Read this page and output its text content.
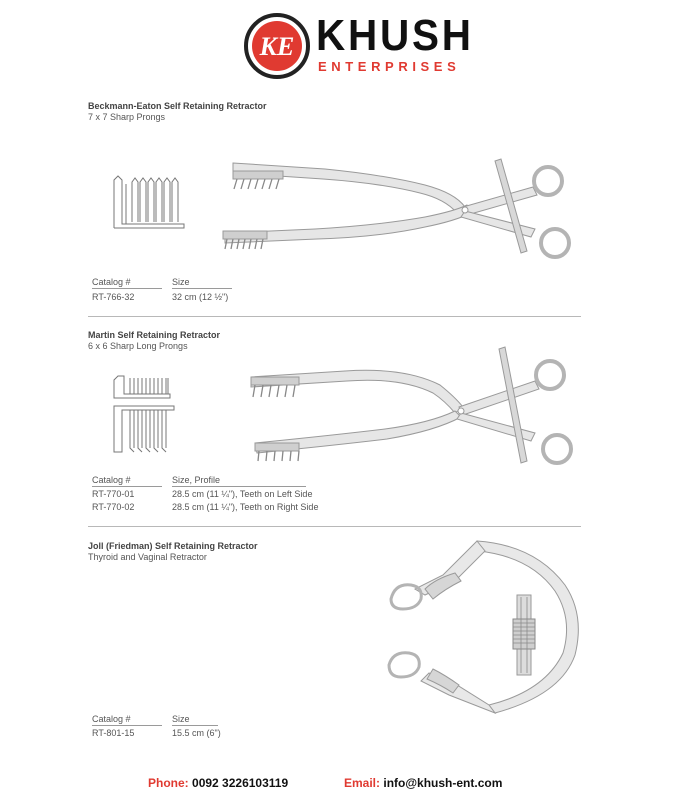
KE KHUSH
ENTERPRISES
Beckmann-Eaton Self Retaining Retractor
7 x 7 Sharp Prongs
Catalog #	Size
RT-766-32	32 cm (12 ½")
Martin Self Retaining Retractor
6 x 6 Sharp Long Prongs
Catalog #	Size, Profile
RT-770-01	28.5 cm (11 ¼"), Teeth on Left Side
RT-770-02	28.5 cm (11 ¼"), Teeth on Right Side
Joll (Friedman) Self Retaining Retractor
Thyroid and Vaginal Retractor
Catalog #	Size
RT-801-15	15.5 cm (6")
Phone: 0092 3226103119	Email: info@khush-ent.com
